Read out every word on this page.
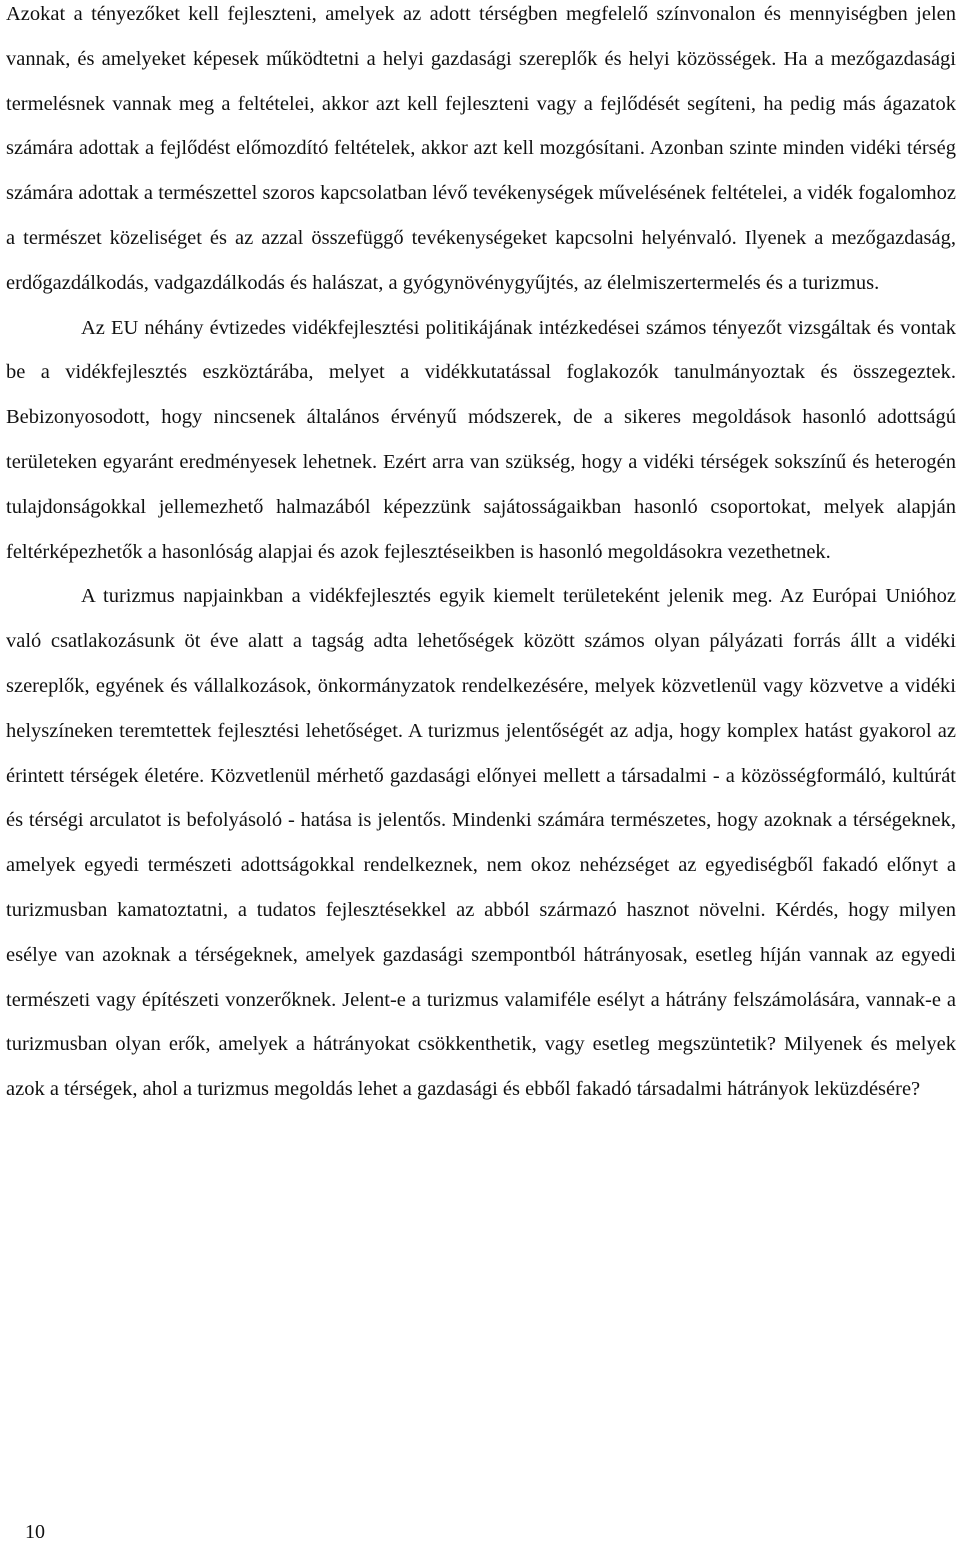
Azokat a tényezőket kell fejleszteni, amelyek az adott térségben megfelelő színvonalon és mennyiségben jelen vannak, és amelyeket képesek működtetni a helyi gazdasági szereplők és helyi közösségek. Ha a mezőgazdasági termelésnek vannak meg a feltételei, akkor azt kell fejleszteni vagy a fejlődését segíteni, ha pedig más ágazatok számára adottak a fejlődést előmozdító feltételek, akkor azt kell mozgósítani. Azonban szinte minden vidéki térség számára adottak a természettel szoros kapcsolatban lévő tevékenységek művelésének feltételei, a vidék fogalomhoz a természet közeliséget és az azzal összefüggő tevékenységeket kapcsolni helyénvaló. Ilyenek a mezőgazdaság, erdőgazdálkodás, vadgazdálkodás és halászat, a gyógynövénygyűjtés, az élelmiszertermelés és a turizmus.

Az EU néhány évtizedes vidékfejlesztési politikájának intézkedései számos tényezőt vizsgáltak és vontak be a vidékfejlesztés eszköztárába, melyet a vidékkutatással foglakozók tanulmányoztak és összegeztek. Bebizonyosodott, hogy nincsenek általános érvényű módszerek, de a sikeres megoldások hasonló adottságú területeken egyaránt eredményesek lehetnek. Ezért arra van szükség, hogy a vidéki térségek sokszínű és heterogén tulajdonságokkal jellemezhető halmazából képezzünk sajátosságaikban hasonló csoportokat, melyek alapján feltérképezhetők a hasonlóság alapjai és azok fejlesztéseikben is hasonló megoldásokra vezethetnek.

A turizmus napjainkban a vidékfejlesztés egyik kiemelt területeként jelenik meg. Az Európai Unióhoz való csatlakozásunk öt éve alatt a tagság adta lehetőségek között számos olyan pályázati forrás állt a vidéki szereplők, egyének és vállalkozások, önkormányzatok rendelkezésére, melyek közvetlenül vagy közvetve a vidéki helyszíneken teremtettek fejlesztési lehetőséget. A turizmus jelentőségét az adja, hogy komplex hatást gyakorol az érintett térségek életére. Közvetlenül mérhető gazdasági előnyei mellett a társadalmi - a közösségformáló, kultúrát és térségi arculatot is befolyásoló - hatása is jelentős. Mindenki számára természetes, hogy azoknak a térségeknek, amelyek egyedi természeti adottságokkal rendelkeznek, nem okoz nehézséget az egyediségből fakadó előnyt a turizmusban kamatoztatni, a tudatos fejlesztésekkel az abból származó hasznot növelni. Kérdés, hogy milyen esélye van azoknak a térségeknek, amelyek gazdasági szempontból hátrányosak, esetleg híján vannak az egyedi természeti vagy építészeti vonzerőknek. Jelent-e a turizmus valamiféle esélyt a hátrány felszámolására, vannak-e a turizmusban olyan erők, amelyek a hátrányokat csökkenthetik, vagy esetleg megszüntetik? Milyenek és melyek azok a térségek, ahol a turizmus megoldás lehet a gazdasági és ebből fakadó társadalmi hátrányok leküzdésére?

10
